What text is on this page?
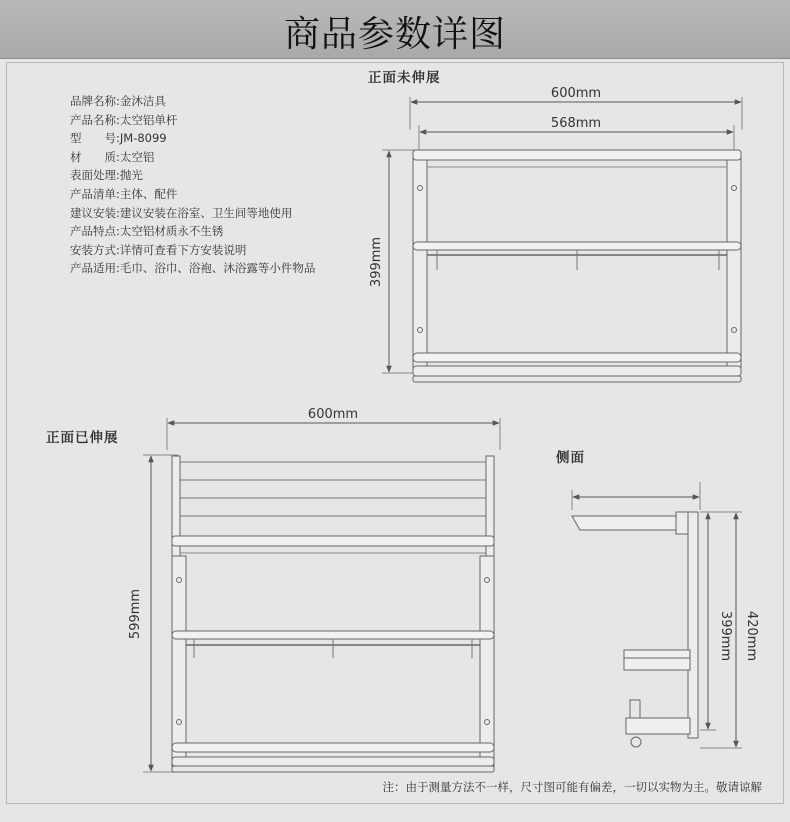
商品参数详图
品牌名称:金沐洁具
产品名称:太空铝单杆
型　　号:JM-8099
材　　质:太空铝
表面处理:抛光
产品清单:主体、配件
建议安装:建议安装在浴室、卫生间等地使用
产品特点:太空铝材质永不生锈
安装方式:详情可查看下方安装说明
产品适用:毛巾、浴巾、浴袍、沐浴露等小件物品
正面未伸展
正面已伸展
侧面
600mm
568mm
399mm
600mm
599mm	399mm 420mm
注：由于测量方法不一样，尺寸图可能有偏差，一切以实物为主。敬请谅解
